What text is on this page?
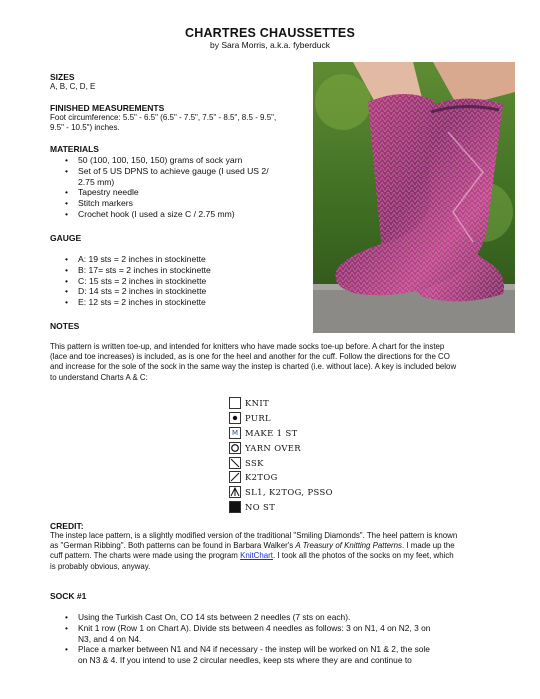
CHARTRES CHAUSSETTES
by Sara Morris, a.k.a. fyberduck
SIZES
A, B, C, D, E
FINISHED MEASUREMENTS
Foot circumference: 5.5" - 6.5" (6.5" - 7.5", 7.5" - 8.5", 8.5 - 9.5",
9.5" - 10.5") inches.
MATERIALS
• 50 (100, 100, 150, 150) grams of sock yarn
• Set of 5 US DPNS to achieve gauge (I used US 2/
2.75 mm)
• Tapestry needle
• Stitch markers
• Crochet hook (I used a size C / 2.75 mm)
GAUGE
• A: 19 sts = 2 inches in stockinette
• B: 17= sts = 2 inches in stockinette
• C: 15 sts = 2 inches in stockinette
• D: 14 sts = 2 inches in stockinette
• E: 12 sts = 2 inches in stockinette
NOTES
This pattern is written toe-up, and intended for knitters who have made socks toe-up before. A chart for the instep
(lace and toe increases) is included, as is one for the heel and another for the cuff. Follow the directions for the CO
and increase for the sole of the sock in the same way the instep is charted (i.e. without lace). A key is included below
to understand Charts A & C:
KNIT
PURL
M MAKE 1 ST
YARN OVER
SSK
K2TOG
SL1, K2TOG, PSSO
NO ST
CREDIT:
The instep lace pattern, is a slightly modified version of the traditional "Smiling Diamonds". The heel pattern is known
as "German Ribbing". Both patterns can be found in Barbara Walker's A Treasury of Knitting Patterns. I made up the
cuff pattern. The charts were made using the program KnitChart. I took all the photos of the socks on my feet, which
is probably obvious, anyway.
SOCK #1
• Using the Turkish Cast On, CO 14 sts between 2 needles (7 sts on each).
• Knit 1 row (Row 1 on Chart A). Divide sts between 4 needles as follows: 3 on N1, 4 on N2, 3 on
N3, and 4 on N4.
• Place a marker between N1 and N4 if necessary - the instep will be worked on N1 & 2, the sole
on N3 & 4. If you intend to use 2 circular needles, keep sts where they are and continue to
